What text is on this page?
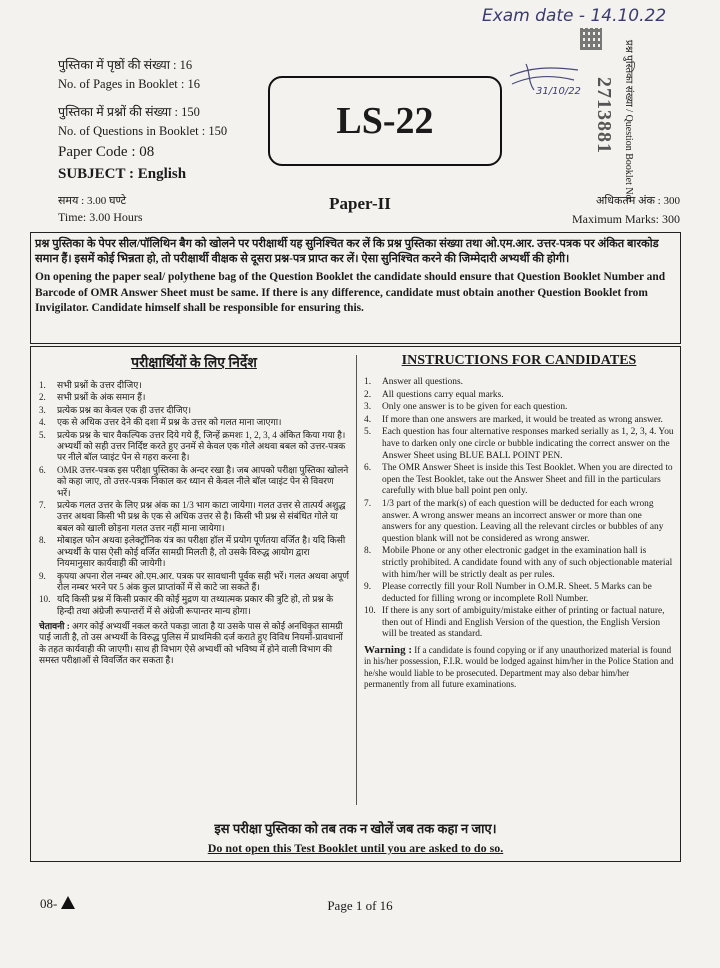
Exam date - 14.10.22
31/10/22
पुस्तिका में पृष्ठों की संख्या : 16
No. of Pages in Booklet : 16
पुस्तिका में प्रश्नों की संख्या : 150
No. of Questions in Booklet : 150
Paper Code : 08
SUBJECT : English
LS-22	2713881 प्रश्न पुस्तिका संख्या / Question Booklet No.
समय : 3.00 घण्टे
Time: 3.00 Hours
Paper-II	अधिकतम अंक : 300
Maximum Marks: 300

प्रश्न पुस्तिका के पेपर सील/पॉलिथिन बैग को खोलने पर परीक्षार्थी यह सुनिश्चित कर लें कि प्रश्न पुस्तिका संख्या तथा ओ.एम.आर. उत्तर-पत्रक पर अंकित बारकोड समान हैं। इसमें कोई भिन्नता हो, तो परीक्षार्थी वीक्षक से दूसरा प्रश्न-पत्र प्राप्त कर लें। ऐसा सुनिश्चित करने की जिम्मेदारी अभ्यर्थी की होगी।

On opening the paper seal/ polythene bag of the Question Booklet the candidate should ensure that Question Booklet Number and Barcode of OMR Answer Sheet must be same. If there is any difference, candidate must obtain another Question Booklet from Invigilator. Candidate himself shall be responsible for ensuring this.

परीक्षार्थियों के लिए निर्देश
1. सभी प्रश्नों के उत्तर दीजिए।
2. सभी प्रश्नों के अंक समान हैं।
3. प्रत्येक प्रश्न का केवल एक ही उत्तर दीजिए।
4. एक से अधिक उत्तर देने की दशा में प्रश्न के उत्तर को गलत माना जाएगा।
5. प्रत्येक प्रश्न के चार वैकल्पिक उत्तर दिये गये हैं, जिन्हें क्रमशः 1, 2, 3, 4 अंकित किया गया है। अभ्यर्थी को सही उत्तर निर्दिष्ट करते हुए उनमें से केवल एक गोले अथवा बबल को उत्तर-पत्रक पर नीले बॉल प्वाइंट पेन से गहरा करना है।
6. OMR उत्तर-पत्रक इस परीक्षा पुस्तिका के अन्दर रखा है। जब आपको परीक्षा पुस्तिका खोलने को कहा जाए, तो उत्तर-पत्रक निकाल कर ध्यान से केवल नीले बॉल प्वाइंट पेन से विवरण भरें।
7. प्रत्येक गलत उत्तर के लिए प्रश्न अंक का 1/3 भाग काटा जायेगा। गलत उत्तर से तात्पर्य अशुद्ध उत्तर अथवा किसी भी प्रश्न के एक से अधिक उत्तर से है। किसी भी प्रश्न से संबंधित गोले या बबल को खाली छोड़ना गलत उत्तर नहीं माना जायेगा।
8. मोबाइल फोन अथवा इलेक्ट्रॉनिक यंत्र का परीक्षा हॉल में प्रयोग पूर्णतया वर्जित है। यदि किसी अभ्यर्थी के पास ऐसी कोई वर्जित सामग्री मिलती है, तो उसके विरुद्ध आयोग द्वारा नियमानुसार कार्यवाही की जायेगी।
9. कृपया अपना रोल नम्बर ओ.एम.आर. पत्रक पर सावधानी पूर्वक सही भरें। गलत अथवा अपूर्ण रोल नम्बर भरने पर 5 अंक कुल प्राप्तांकों में से काटे जा सकते हैं।
10. यदि किसी प्रश्न में किसी प्रकार की कोई मुद्रण या तथ्यात्मक प्रकार की त्रुटि हो, तो प्रश्न के हिन्दी तथा अंग्रेजी रूपान्तरों में से अंग्रेजी रूपान्तर मान्य होगा।
चेतावनी : अगर कोई अभ्यर्थी नकल करते पकड़ा जाता है या उसके पास से कोई अनधिकृत सामग्री पाई जाती है, तो उस अभ्यर्थी के विरुद्ध पुलिस में प्राथमिकी दर्ज कराते हुए विविध नियमों-प्रावधानों के तहत कार्यवाही की जाएगी। साथ ही विभाग ऐसे अभ्यर्थी को भविष्य में होने वाली विभाग की समस्त परीक्षाओं से विवर्जित कर सकता है।
INSTRUCTIONS FOR CANDIDATES
1. Answer all questions.
2. All questions carry equal marks.
3. Only one answer is to be given for each question.
4. If more than one answers are marked, it would be treated as wrong answer.
5. Each question has four alternative responses marked serially as 1, 2, 3, 4. You have to darken only one circle or bubble indicating the correct answer on the Answer Sheet using BLUE BALL POINT PEN.
6. The OMR Answer Sheet is inside this Test Booklet. When you are directed to open the Test Booklet, take out the Answer Sheet and fill in the particulars carefully with blue ball point pen only.
7. 1/3 part of the mark(s) of each question will be deducted for each wrong answer. A wrong answer means an incorrect answer or more than one answers for any question. Leaving all the relevant circles or bubbles of any question blank will not be considered as wrong answer.
8. Mobile Phone or any other electronic gadget in the examination hall is strictly prohibited. A candidate found with any of such objectionable material with him/her will be strictly dealt as per rules.
9. Please correctly fill your Roll Number in O.M.R. Sheet. 5 Marks can be deducted for filling wrong or incomplete Roll Number.
10. If there is any sort of ambiguity/mistake either of printing or factual nature, then out of Hindi and English Version of the question, the English Version will be treated as standard.
Warning : If a candidate is found copying or if any unauthorized material is found in his/her possession, F.I.R. would be lodged against him/her in the Police Station and he/she would liable to be prosecuted. Department may also debar him/her permanently from all future examinations.
इस परीक्षा पुस्तिका को तब तक न खोलें जब तक कहा न जाए।
Do not open this Test Booklet until you are asked to do so.
08-	Page 1 of 16
